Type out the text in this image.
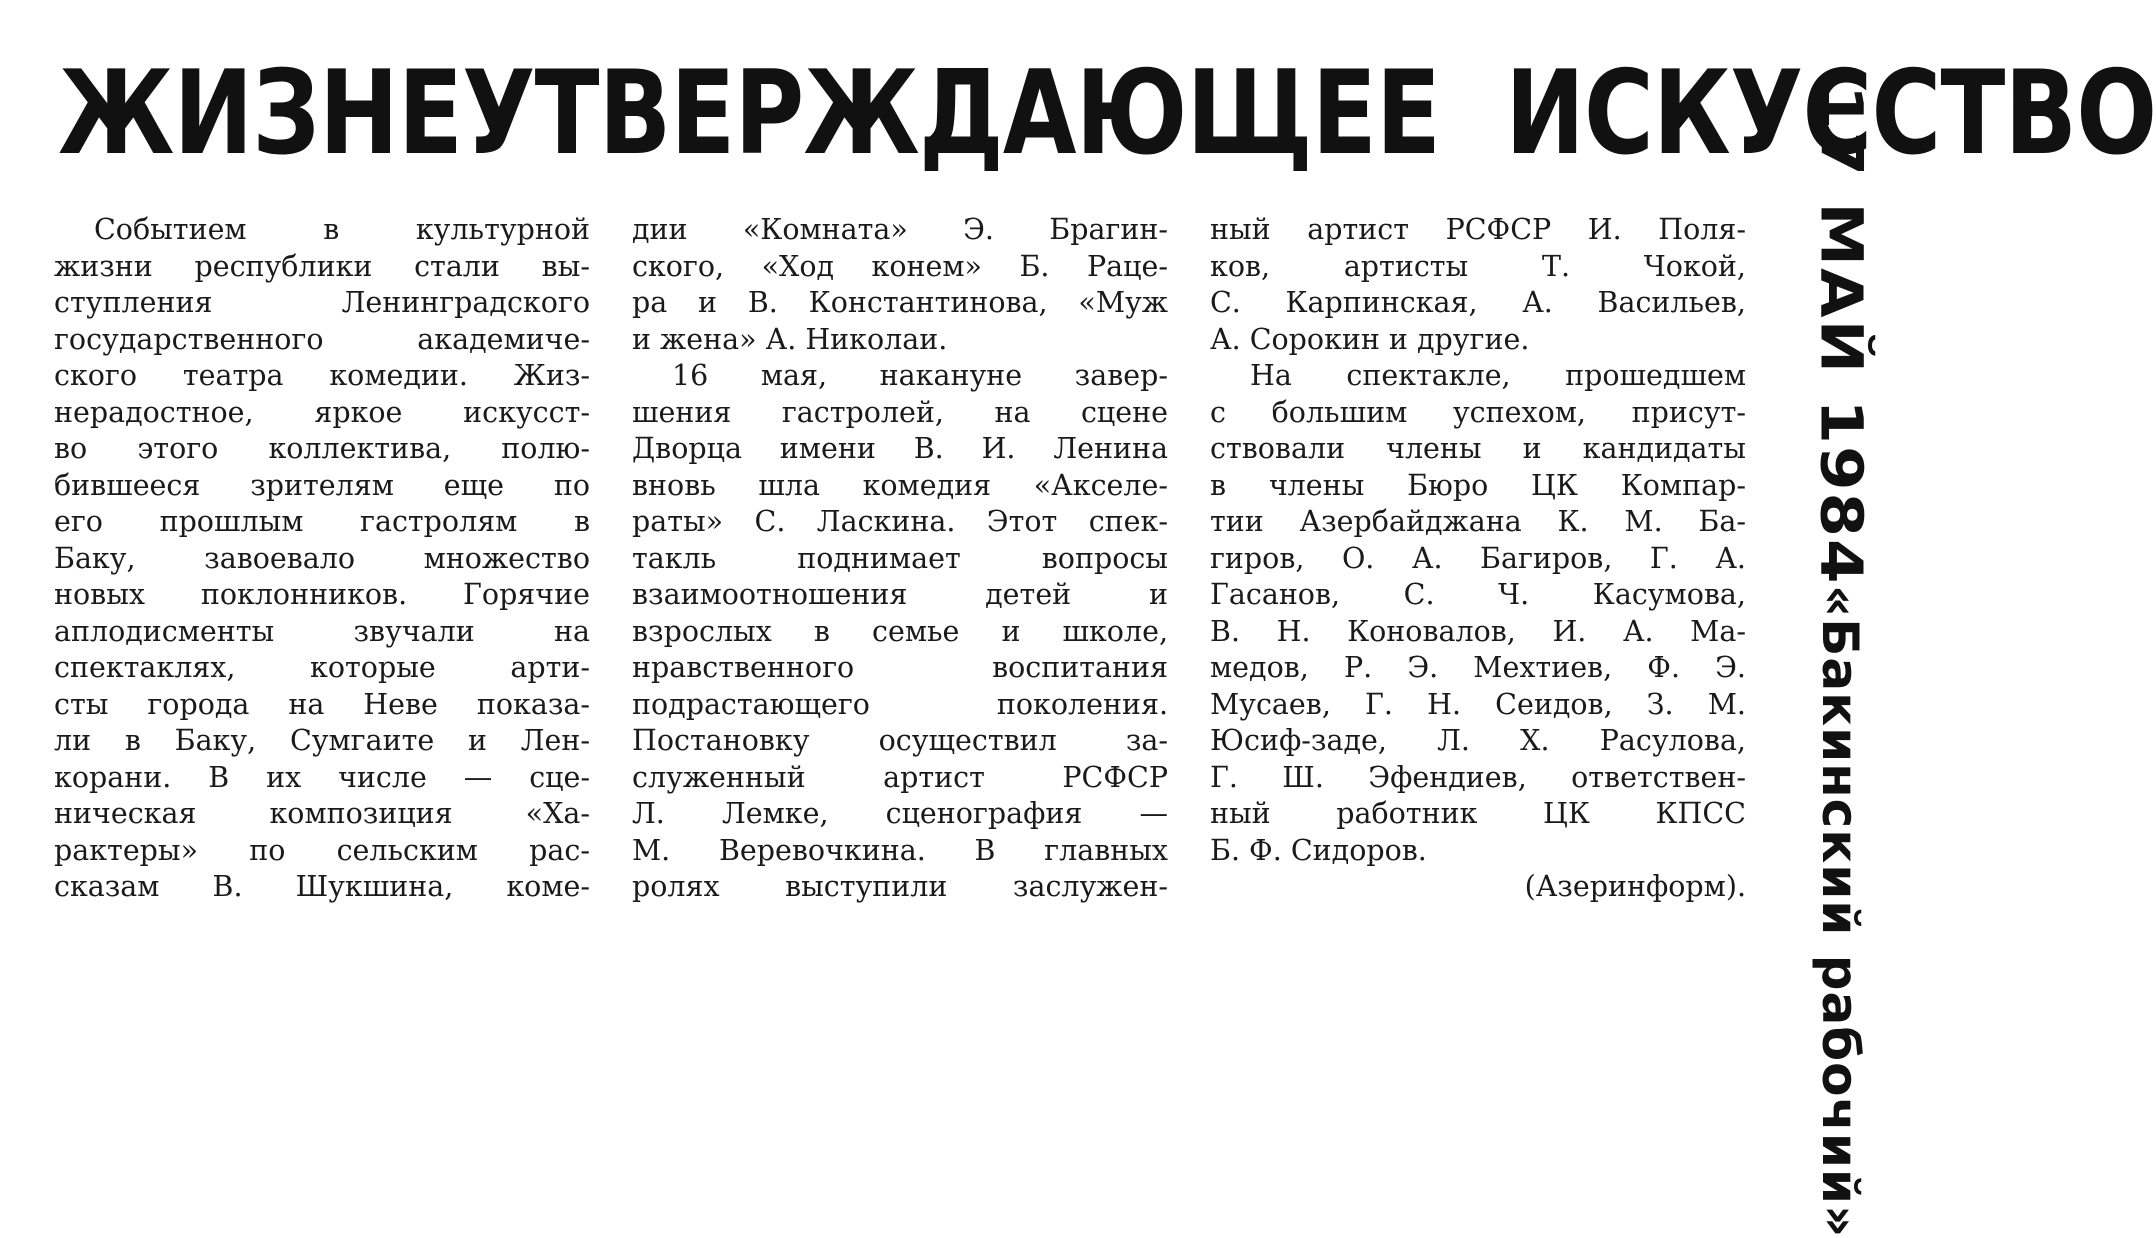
ЖИЗНЕУТВЕРЖДАЮЩЕЕ ИСКУССТВО
Событием в культурной
жизни республики стали вы-
ступления Ленинградского
государственного академиче-
ского театра комедии. Жиз-
нерадостное, яркое искусст-
во этого коллектива, полю-
бившееся зрителям еще по
его прошлым гастролям в
Баку, завоевало множество
новых поклонников. Горячие
аплодисменты звучали на
спектаклях, которые арти-
сты города на Неве показа-
ли в Баку, Сумгаите и Лен-
корани. В их числе — сце-
ническая композиция «Ха-
рактеры» по сельским рас-
сказам В. Шукшина, коме-
дии «Комната» Э. Брагин-
ского, «Ход конем» Б. Раце-
ра и В. Константинова, «Муж
и жена» А. Николаи.
16 мая, накануне завер-
шения гастролей, на сцене
Дворца имени В. И. Ленина
вновь шла комедия «Акселе-
раты» С. Ласкина. Этот спек-
такль поднимает вопросы
взаимоотношения детей и
взрослых в семье и школе,
нравственного воспитания
подрастающего поколения.
Постановку осуществил за-
служенный артист РСФСР
Л. Лемке, сценография —
М. Веревочкина. В главных
ролях выступили заслужен-
ный артист РСФСР И. Поля-
ков, артисты Т. Чокой,
С. Карпинская, А. Васильев,
А. Сорокин и другие.
На спектакле, прошедшем
с большим успехом, присут-
ствовали члены и кандидаты
в члены Бюро ЦК Компар-
тии Азербайджана К. М. Ба-
гиров, О. А. Багиров, Г. А.
Гасанов, С. Ч. Касумова,
В. Н. Коновалов, И. А. Ма-
медов, Р. Э. Мехтиев, Ф. Э.
Мусаев, Г. Н. Сеидов, З. М.
Юсиф-заде, Л. Х. Расулова,
Г. Ш. Эфендиев, ответствен-
ный работник ЦК КПСС
Б. Ф. Сидоров.
(Азеринформ).
17 МАЙ 1984
«Бакинский рабочий»
